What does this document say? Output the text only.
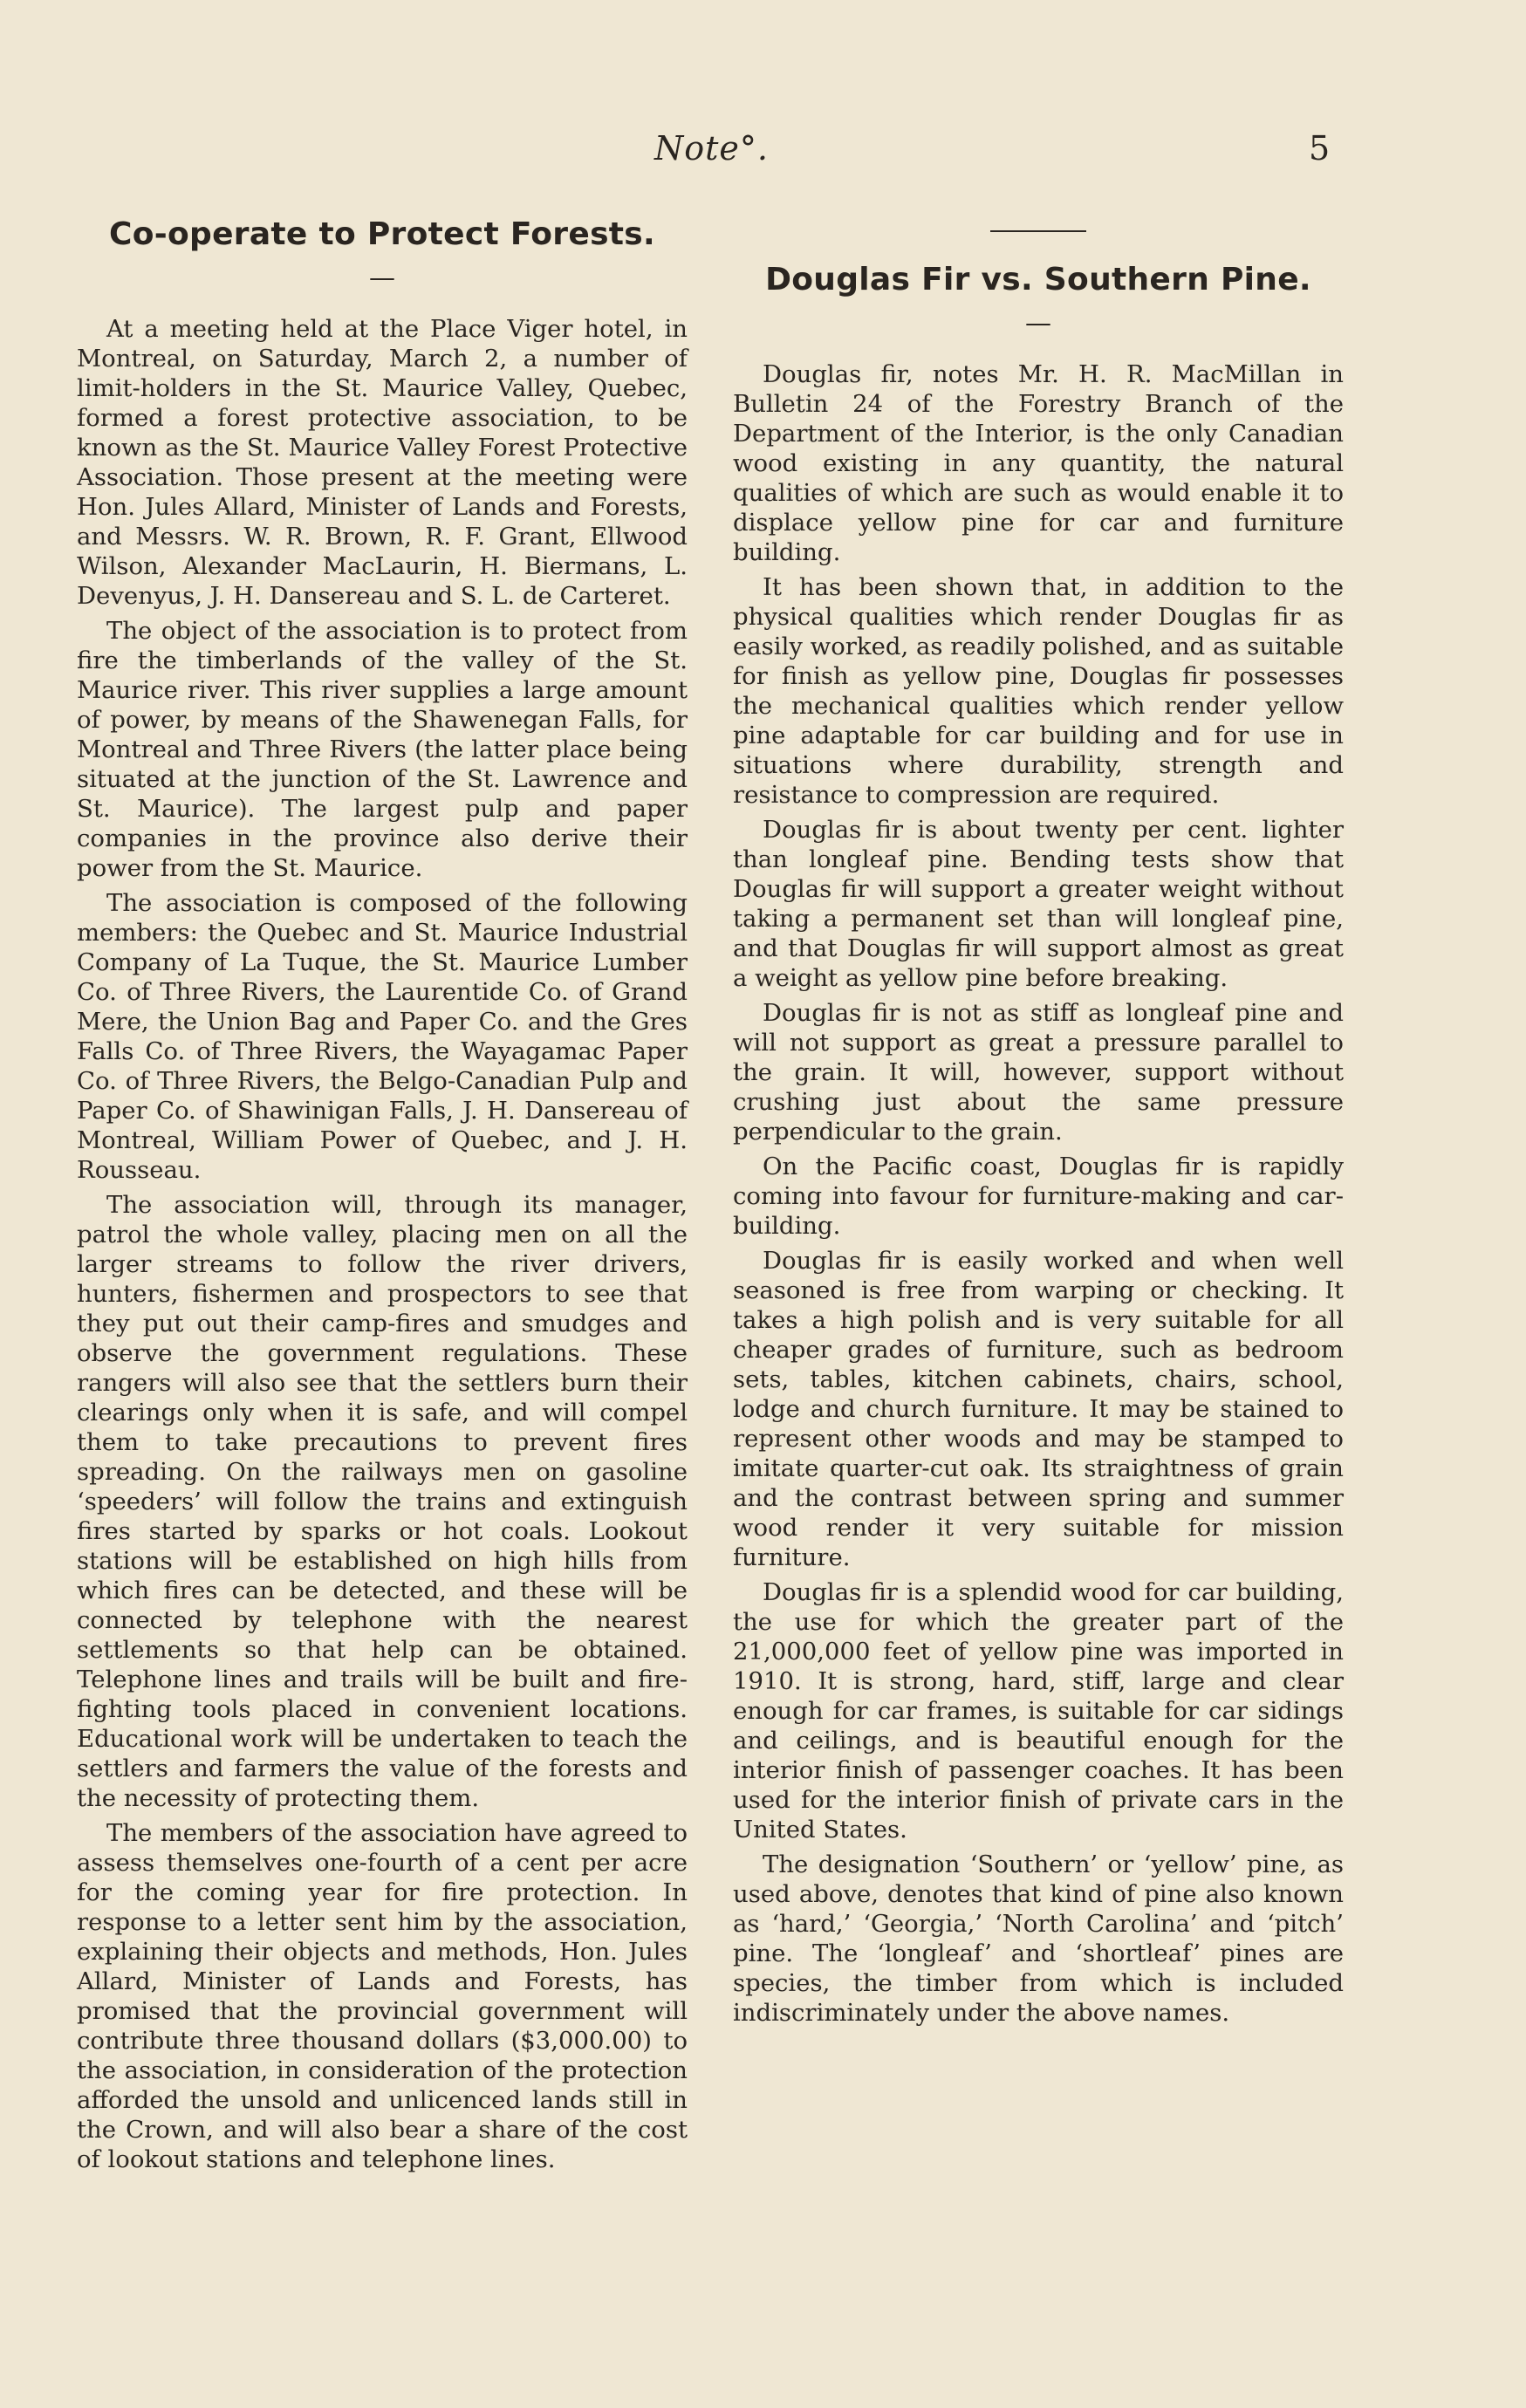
Note°.	5
Co-operate to Protect Forests.
—

At a meeting held at the Place Viger hotel, in Montreal, on Saturday, March 2, a number of limit-holders in the St. Maurice Valley, Quebec, formed a forest protective association, to be known as the St. Maurice Valley Forest Protective Association. Those present at the meeting were Hon. Jules Allard, Minister of Lands and Forests, and Messrs. W. R. Brown, R. F. Grant, Ellwood Wilson, Alexander MacLaurin, H. Biermans, L. Devenyus, J. H. Dansereau and S. L. de Carteret.

The object of the association is to protect from fire the timberlands of the valley of the St. Maurice river. This river supplies a large amount of power, by means of the Shawenegan Falls, for Montreal and Three Rivers (the latter place being situated at the junction of the St. Lawrence and St. Maurice). The largest pulp and paper companies in the province also derive their power from the St. Maurice.

The association is composed of the following members: the Quebec and St. Maurice Industrial Company of La Tuque, the St. Maurice Lumber Co. of Three Rivers, the Laurentide Co. of Grand Mere, the Union Bag and Paper Co. and the Gres Falls Co. of Three Rivers, the Wayagamac Paper Co. of Three Rivers, the Belgo-Canadian Pulp and Paper Co. of Shawinigan Falls, J. H. Dansereau of Montreal, William Power of Quebec, and J. H. Rousseau.

The association will, through its manager, patrol the whole valley, placing men on all the larger streams to follow the river drivers, hunters, fishermen and prospectors to see that they put out their camp-fires and smudges and observe the government regulations. These rangers will also see that the settlers burn their clearings only when it is safe, and will compel them to take precautions to prevent fires spreading. On the railways men on gasoline ‘speeders’ will follow the trains and extinguish fires started by sparks or hot coals. Lookout stations will be established on high hills from which fires can be detected, and these will be connected by telephone with the nearest settlements so that help can be obtained. Telephone lines and trails will be built and fire-fighting tools placed in convenient locations. Educational work will be undertaken to teach the settlers and farmers the value of the forests and the necessity of protecting them.

The members of the association have agreed to assess themselves one-fourth of a cent per acre for the coming year for fire protection. In response to a letter sent him by the association, explaining their objects and methods, Hon. Jules Allard, Minister of Lands and Forests, has promised that the provincial government will contribute three thousand dollars ($3,000.00) to the association, in consideration of the protection afforded the unsold and unlicenced lands still in the Crown, and will also bear a share of the cost of lookout stations and telephone lines.

Douglas Fir vs. Southern Pine.
—

Douglas fir, notes Mr. H. R. MacMillan in Bulletin 24 of the Forestry Branch of the Department of the Interior, is the only Canadian wood existing in any quantity, the natural qualities of which are such as would enable it to displace yellow pine for car and furniture building.

It has been shown that, in addition to the physical qualities which render Douglas fir as easily worked, as readily polished, and as suitable for finish as yellow pine, Douglas fir possesses the mechanical qualities which render yellow pine adaptable for car building and for use in situations where durability, strength and resistance to compression are required.

Douglas fir is about twenty per cent. lighter than longleaf pine. Bending tests show that Douglas fir will support a greater weight without taking a permanent set than will longleaf pine, and that Douglas fir will support almost as great a weight as yellow pine before breaking.

Douglas fir is not as stiff as longleaf pine and will not support as great a pressure parallel to the grain. It will, however, support without crushing just about the same pressure perpendicular to the grain.

On the Pacific coast, Douglas fir is rapidly coming into favour for furniture-making and car-building.

Douglas fir is easily worked and when well seasoned is free from warping or checking. It takes a high polish and is very suitable for all cheaper grades of furniture, such as bedroom sets, tables, kitchen cabinets, chairs, school, lodge and church furniture. It may be stained to represent other woods and may be stamped to imitate quarter-cut oak. Its straightness of grain and the contrast between spring and summer wood render it very suitable for mission furniture.

Douglas fir is a splendid wood for car building, the use for which the greater part of the 21,000,000 feet of yellow pine was imported in 1910. It is strong, hard, stiff, large and clear enough for car frames, is suitable for car sidings and ceilings, and is beautiful enough for the interior finish of passenger coaches. It has been used for the interior finish of private cars in the United States.

The designation ‘Southern’ or ‘yellow’ pine, as used above, denotes that kind of pine also known as ‘hard,’ ‘Georgia,’ ‘North Carolina’ and ‘pitch’ pine. The ‘longleaf’ and ‘shortleaf’ pines are species, the timber from which is included indiscriminately under the above names.
